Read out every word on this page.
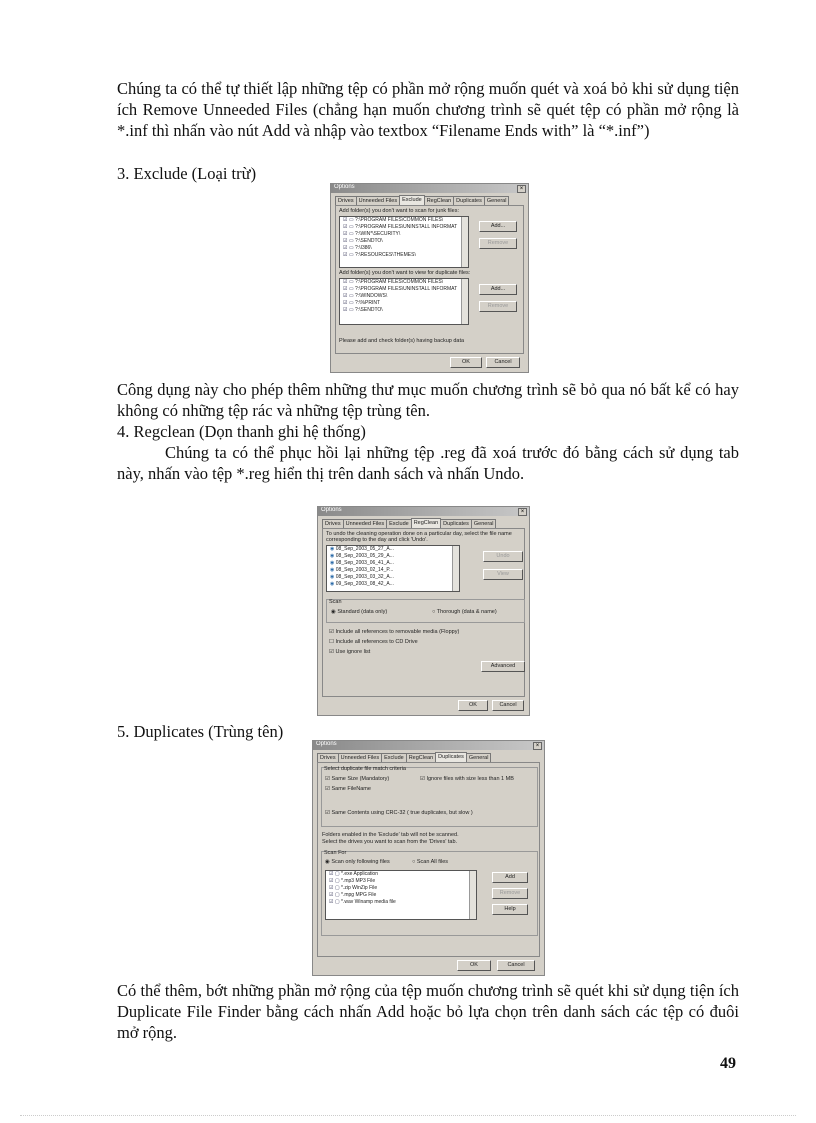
Chúng ta có thể tự thiết lập những tệp có phần mở rộng muốn quét và xoá bỏ khi sử dụng tiện ích Remove Unneeded Files (chẳng hạn muốn chương trình sẽ quét tệp có phần mở rộng là *.inf thì nhấn vào nút Add và nhập vào textbox “Filename Ends with” là “*.inf”)

3. Exclude (Loại trừ)

Options	×
Drives Unneeded Files Exclude RegClean Duplicates General
Add folder(s) you don't want to scan for junk files:
☑ ▭ ?:\PROGRAM FILES\COMMON FILES\
☑ ▭ ?:\PROGRAM FILES\UNINSTALL INFORMAT
☑ ▭ ?:\WIN*\SECURITY\
☑ ▭ ?:\SENDTO\
☑ ▭ ?:\I386\
☑ ▭ ?:\RESOURCES\THEMES\
Add...
Remove
Add folder(s) you don't want to view for duplicate files:
☑ ▭ ?:\PROGRAM FILES\COMMON FILES\
☑ ▭ ?:\PROGRAM FILES\UNINSTALL INFORMAT
☑ ▭ ?:\WINDOWS\
☑ ▭ ?:\%PRINT
☑ ▭ ?:\SENDTO\
Add...
Remove
Please add and check folder(s) having backup data
OK	Cancel

Công dụng này cho phép thêm những thư mục muốn chương trình sẽ bỏ qua nó bất kể có hay không có những tệp rác và những tệp trùng tên.

4. Regclean (Dọn thanh ghi hệ thống)

Chúng ta có thể phục hồi lại những tệp .reg đã xoá trước đó bằng cách sử dụng tab này, nhấn vào tệp *.reg hiển thị trên danh sách và nhấn Undo.

Options	×
Drives Unneeded Files Exclude RegClean Duplicates General
To undo the cleaning operation done on a particular day, select the file name corresponding to the day and click 'Undo'.
◉ 08_Sep_2003_05_27_A...
◉ 08_Sep_2003_05_29_A...
◉ 08_Sep_2003_06_41_A...
◉ 08_Sep_2003_02_14_P...
◉ 08_Sep_2003_03_32_A...
◉ 09_Sep_2003_08_42_A...
Undo
View
Scan
◉ Standard (data only)	○ Thorough (data & name)
☑ Include all references to removable media (Floppy)
☐ Include all references to CD Drive
☑ Use ignore list
Advanced
OK	Cancel

5. Duplicates (Trùng tên)

Options	×
Drives Unneeded Files Exclude RegClean Duplicates General
Select duplicate file match criteria
☑ Same Size (Mandatory)	☑ Ignore files with size less than 1 MB
☑ Same FileName
☑ Same Contents using CRC-32 ( true duplicates, but slow )
Folders enabled in the 'Exclude' tab will not be scanned.
Select the drives you want to scan from the 'Drives' tab.
Scan For
◉ Scan only following files	○ Scan All files
☑ ▢ *.exe Application
☑ ▢ *.mp3 MP3 File
☑ ▢ *.zip WinZip File
☑ ▢ *.mpg MPG File
☑ ▢ *.wav Winamp media file
Add
Remove
Help
OK	Cancel

Có thể thêm, bớt những phần mở rộng của tệp muốn chương trình sẽ quét khi sử dụng tiện ích Duplicate File Finder bằng cách nhấn Add hoặc bỏ lựa chọn trên danh sách các tệp có đuôi mở rộng.

49
